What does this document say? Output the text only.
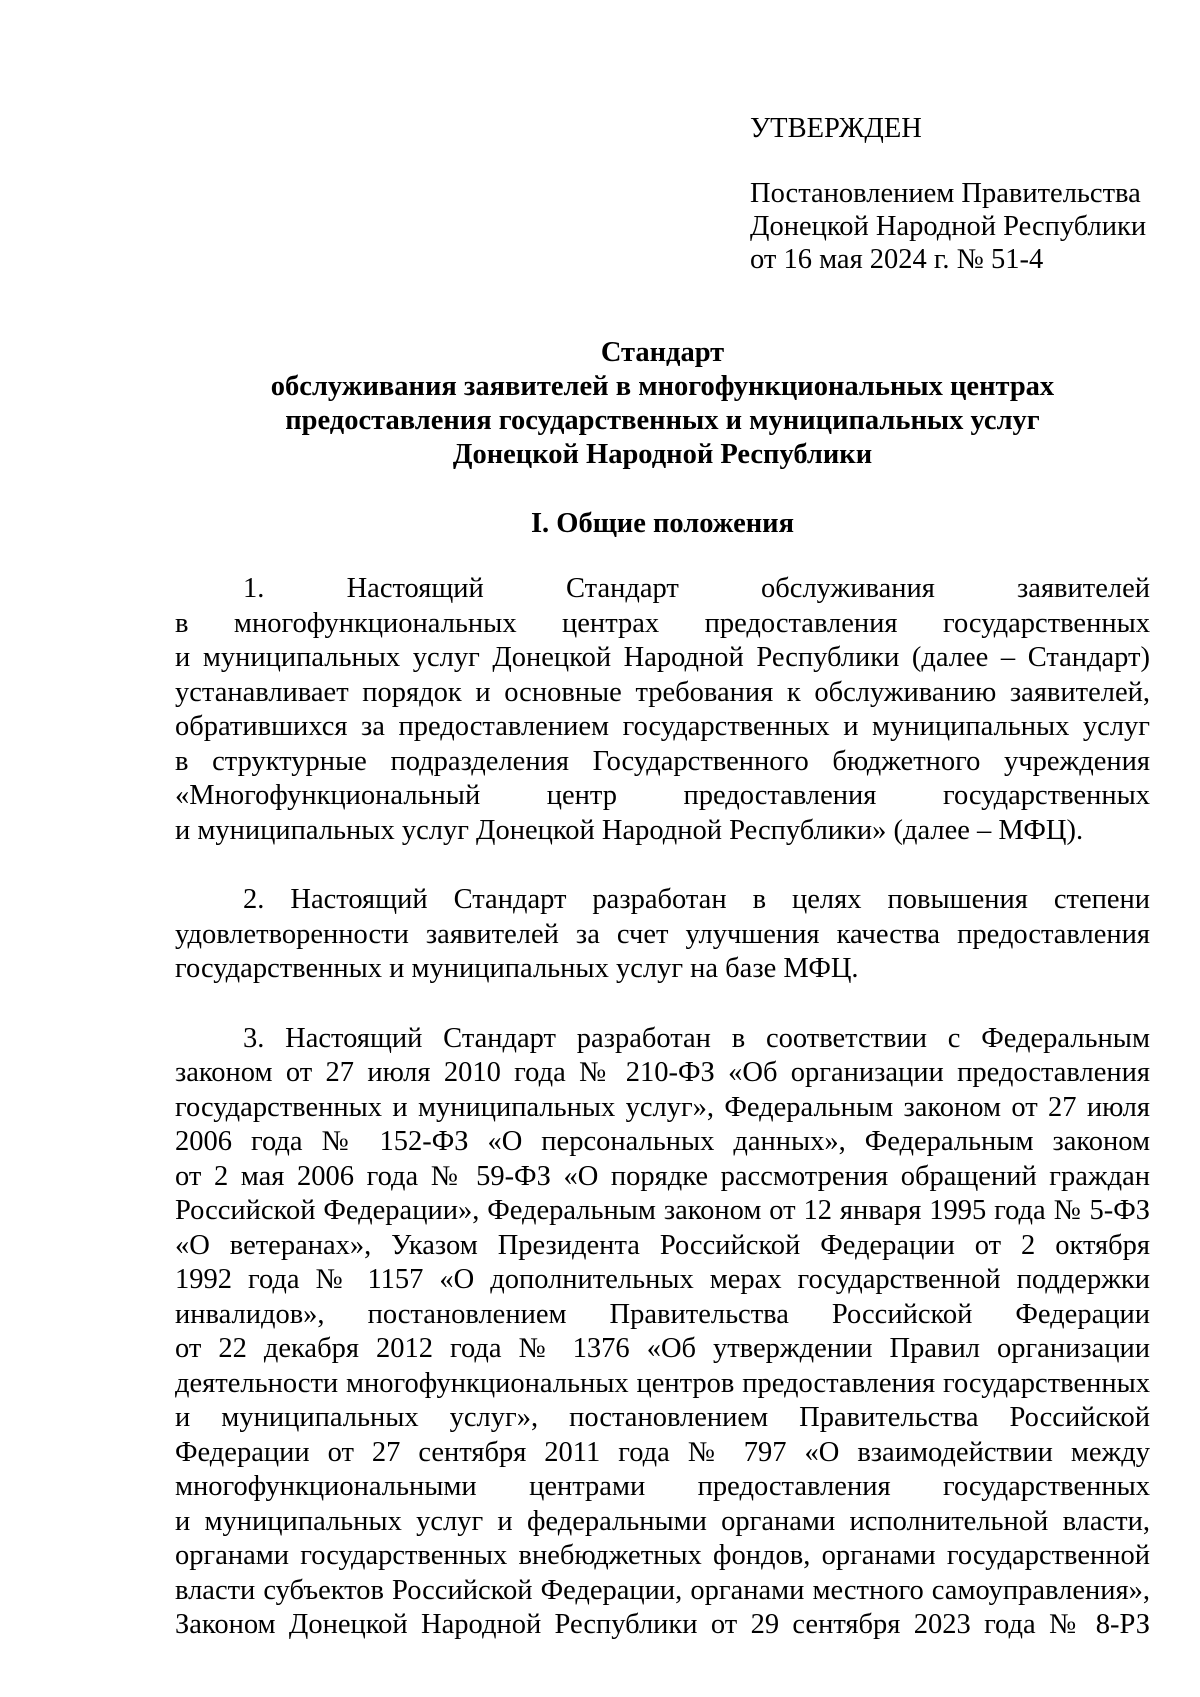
УТВЕРЖДЕН
Постановлением Правительства
Донецкой Народной Республики
от 16 мая 2024 г. № 51-4
Стандарт
обслуживания заявителей в многофункциональных центрах
предоставления государственных и муниципальных услуг
Донецкой Народной Республики
I. Общие положения
1. Настоящий Стандарт обслуживания заявителей
в многофункциональных центрах предоставления государственных
и муниципальных услуг Донецкой Народной Республики (далее – Стандарт)
устанавливает порядок и основные требования к обслуживанию заявителей,
обратившихся за предоставлением государственных и муниципальных услуг
в структурные подразделения Государственного бюджетного учреждения
«Многофункциональный центр предоставления государственных
и муниципальных услуг Донецкой Народной Республики» (далее – МФЦ).
2. Настоящий Стандарт разработан в целях повышения степени
удовлетворенности заявителей за счет улучшения качества предоставления
государственных и муниципальных услуг на базе МФЦ.
3. Настоящий Стандарт разработан в соответствии с Федеральным
законом от 27 июля 2010 года № 210-ФЗ «Об организации предоставления
государственных и муниципальных услуг», Федеральным законом от 27 июля
2006 года № 152-ФЗ «О персональных данных», Федеральным законом
от 2 мая 2006 года № 59-ФЗ «О порядке рассмотрения обращений граждан
Российской Федерации», Федеральным законом от 12 января 1995 года № 5-ФЗ
«О ветеранах», Указом Президента Российской Федерации от 2 октября
1992 года № 1157 «О дополнительных мерах государственной поддержки
инвалидов», постановлением Правительства Российской Федерации
от 22 декабря 2012 года № 1376 «Об утверждении Правил организации
деятельности многофункциональных центров предоставления государственных
и муниципальных услуг», постановлением Правительства Российской
Федерации от 27 сентября 2011 года № 797 «О взаимодействии между
многофункциональными центрами предоставления государственных
и муниципальных услуг и федеральными органами исполнительной власти,
органами государственных внебюджетных фондов, органами государственной
власти субъектов Российской Федерации, органами местного самоуправления»,
Законом Донецкой Народной Республики от 29 сентября 2023 года № 8-РЗ
